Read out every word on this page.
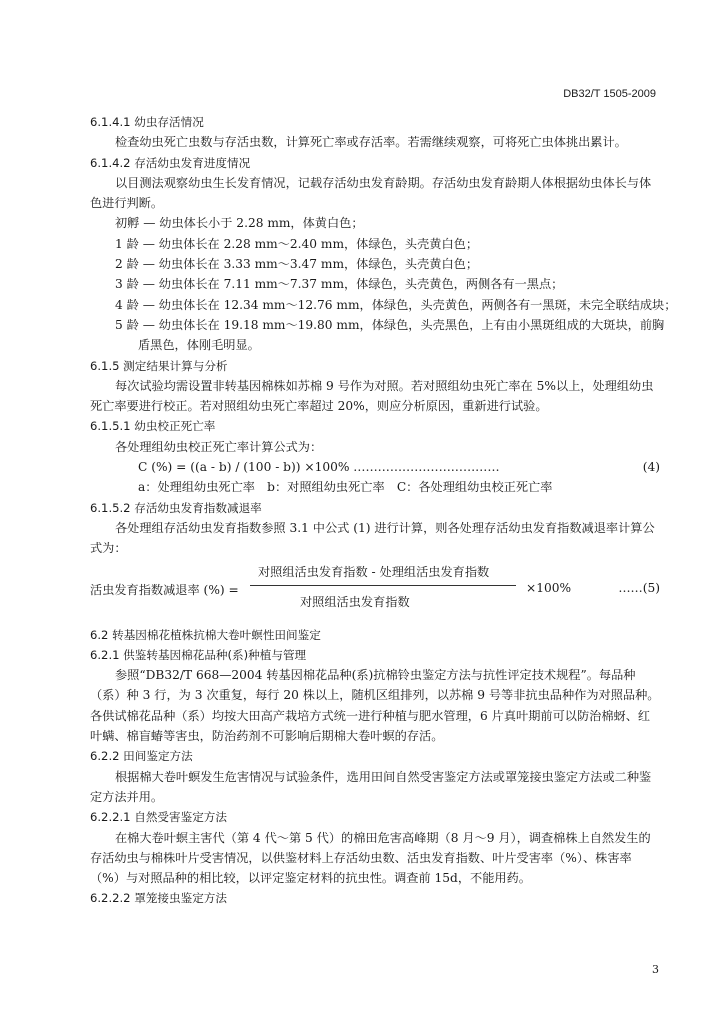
DB32/T 1505-2009

6.1.4.1 幼虫存活情况

检查幼虫死亡虫数与存活虫数，计算死亡率或存活率。若需继续观察，可将死亡虫体挑出累计。

6.1.4.2 存活幼虫发育进度情况

以目测法观察幼虫生长发育情况，记载存活幼虫发育龄期。存活幼虫发育龄期人体根据幼虫体长与体色进行判断。

初孵 — 幼虫体长小于 2.28 mm，体黄白色；

1 龄 — 幼虫体长在 2.28 mm～2.40 mm，体绿色，头壳黄白色；

2 龄 — 幼虫体长在 3.33 mm～3.47 mm，体绿色，头壳黄白色；

3 龄 — 幼虫体长在 7.11 mm～7.37 mm，体绿色，头壳黄色，两侧各有一黑点；

4 龄 — 幼虫体长在 12.34 mm～12.76 mm，体绿色，头壳黄色，两侧各有一黑斑，未完全联结成块；

5 龄 — 幼虫体长在 19.18 mm～19.80 mm，体绿色，头壳黑色，上有由小黑斑组成的大斑块，前胸

盾黑色，体刚毛明显。

6.1.5 测定结果计算与分析

每次试验均需设置非转基因棉株如苏棉 9 号作为对照。若对照组幼虫死亡率在 5%以上，处理组幼虫死亡率要进行校正。若对照组幼虫死亡率超过 20%，则应分析原因，重新进行试验。

6.1.5.1 幼虫校正死亡率

各处理组幼虫校正死亡率计算公式为：

C (%) = ((a - b) / (100 - b)) ×100% ………………………………	(4)

a：处理组幼虫死亡率　b：对照组幼虫死亡率　C：各处理组幼虫校正死亡率

6.1.5.2 存活幼虫发育指数减退率

各处理组存活幼虫发育指数参照 3.1 中公式 (1) 进行计算，则各处理存活幼虫发育指数减退率计算公式为：

活虫发育指数减退率 (%) =
对照组活虫发育指数 - 处理组活虫发育指数
对照组活虫发育指数
×100%	……(5)

6.2 转基因棉花植株抗棉大卷叶螟性田间鉴定

6.2.1 供鉴转基因棉花品种(系)种植与管理

参照“DB32/T 668—2004 转基因棉花品种(系)抗棉铃虫鉴定方法与抗性评定技术规程”。每品种（系）种 3 行，为 3 次重复，每行 20 株以上，随机区组排列，以苏棉 9 号等非抗虫品种作为对照品种。各供试棉花品种（系）均按大田高产栽培方式统一进行种植与肥水管理，6 片真叶期前可以防治棉蚜、红叶螨、棉盲蝽等害虫，防治药剂不可影响后期棉大卷叶螟的存活。

6.2.2 田间鉴定方法

根据棉大卷叶螟发生危害情况与试验条件，选用田间自然受害鉴定方法或罩笼接虫鉴定方法或二种鉴定方法并用。

6.2.2.1 自然受害鉴定方法

在棉大卷叶螟主害代（第 4 代～第 5 代）的棉田危害高峰期（8 月～9 月），调查棉株上自然发生的存活幼虫与棉株叶片受害情况，以供鉴材料上存活幼虫数、活虫发育指数、叶片受害率（%）、株害率（%）与对照品种的相比较，以评定鉴定材料的抗虫性。调查前 15d，不能用药。

6.2.2.2 罩笼接虫鉴定方法

3
